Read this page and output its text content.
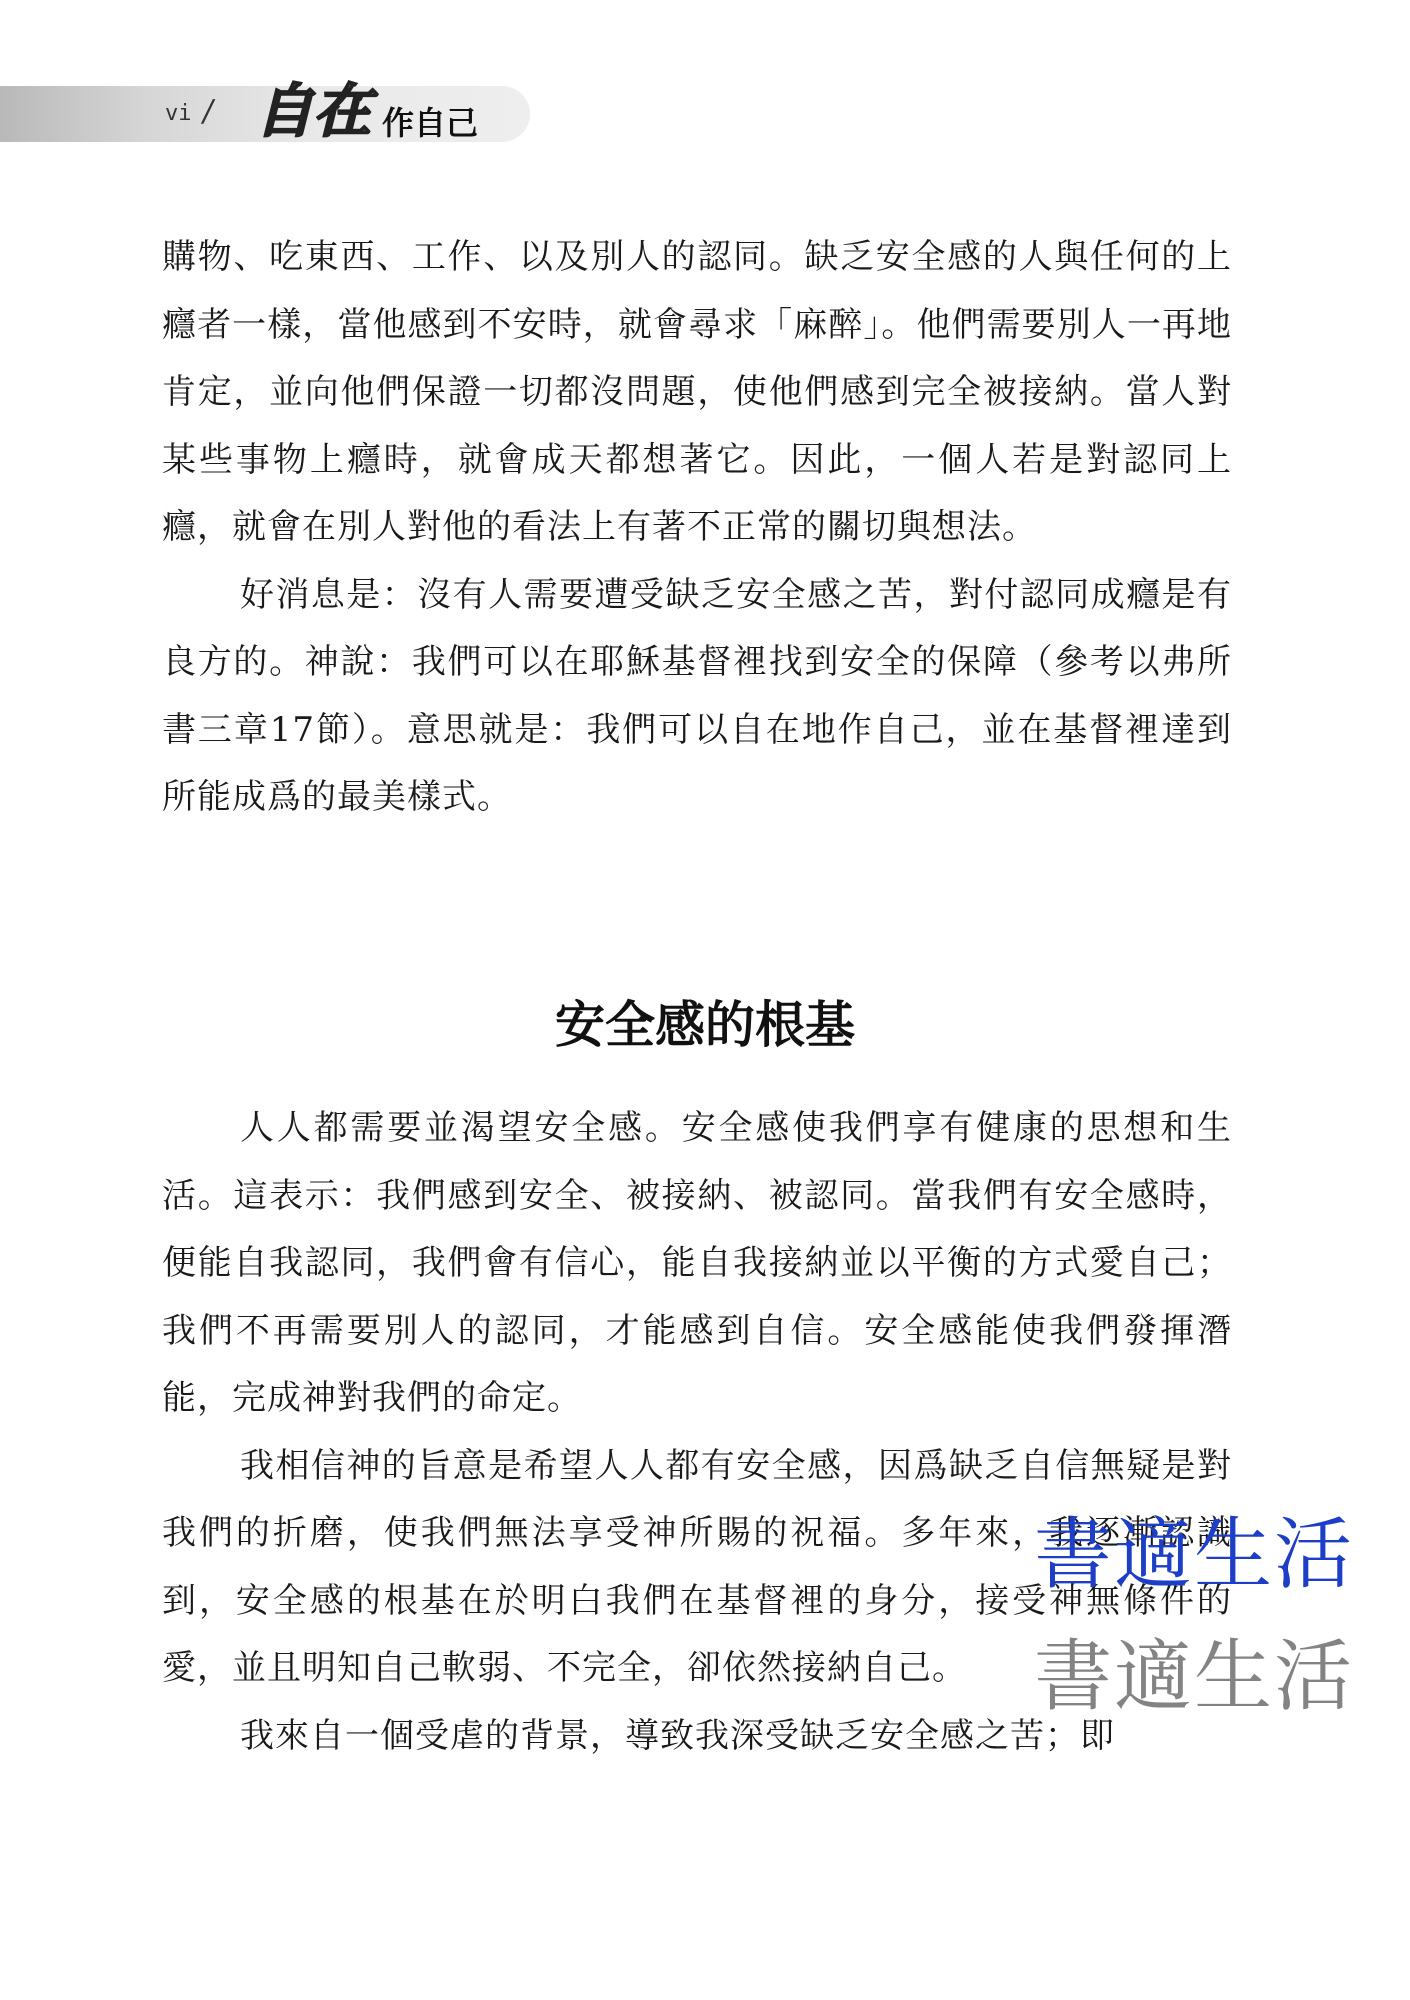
vi / 自在 作自己

購物、吃東西、工作、以及別人的認同。缺乏安全感的人與任何的上癮者一樣，當他感到不安時，就會尋求「麻醉」。他們需要別人一再地肯定，並向他們保證一切都沒問題，使他們感到完全被接納。當人對某些事物上癮時，就會成天都想著它。因此，一個人若是對認同上癮，就會在別人對他的看法上有著不正常的關切與想法。

好消息是：沒有人需要遭受缺乏安全感之苦，對付認同成癮是有良方的。神說：我們可以在耶穌基督裡找到安全的保障（參考以弗所書三章17節）。意思就是：我們可以自在地作自己，並在基督裡達到所能成爲的最美樣式。

安全感的根基

人人都需要並渴望安全感。安全感使我們享有健康的思想和生活。這表示：我們感到安全、被接納、被認同。當我們有安全感時，便能自我認同，我們會有信心，能自我接納並以平衡的方式愛自己；我們不再需要別人的認同，才能感到自信。安全感能使我們發揮潛能，完成神對我們的命定。

我相信神的旨意是希望人人都有安全感，因爲缺乏自信無疑是對我們的折磨，使我們無法享受神所賜的祝福。多年來，我逐漸認識到，安全感的根基在於明白我們在基督裡的身分，接受神無條件的愛，並且明知自己軟弱、不完全，卻依然接納自己。

我來自一個受虐的背景，導致我深受缺乏安全感之苦；即

書適生活
書適生活
